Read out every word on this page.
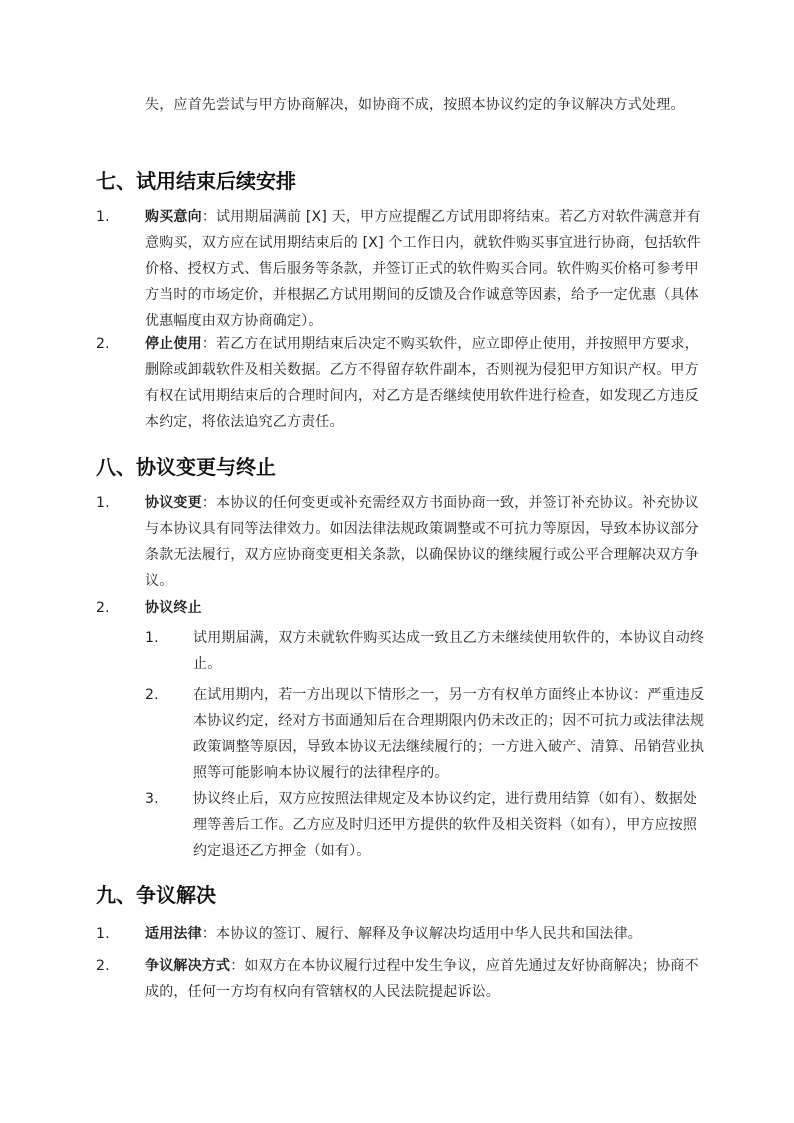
失，应首先尝试与甲方协商解决，如协商不成，按照本协议约定的争议解决方式处理。

七、试用结束后续安排
1.	购买意向：试用期届满前 [X] 天，甲方应提醒乙方试用即将结束。若乙方对软件满意并有意购买，双方应在试用期结束后的 [X] 个工作日内，就软件购买事宜进行协商，包括软件价格、授权方式、售后服务等条款，并签订正式的软件购买合同。软件购买价格可参考甲方当时的市场定价，并根据乙方试用期间的反馈及合作诚意等因素，给予一定优惠（具体优惠幅度由双方协商确定）。
2.	停止使用：若乙方在试用期结束后决定不购买软件，应立即停止使用，并按照甲方要求，删除或卸载软件及相关数据。乙方不得留存软件副本，否则视为侵犯甲方知识产权。甲方有权在试用期结束后的合理时间内，对乙方是否继续使用软件进行检查，如发现乙方违反本约定，将依法追究乙方责任。
八、协议变更与终止
1.	协议变更：本协议的任何变更或补充需经双方书面协商一致，并签订补充协议。补充协议与本协议具有同等法律效力。如因法律法规政策调整或不可抗力等原因，导致本协议部分条款无法履行，双方应协商变更相关条款，以确保协议的继续履行或公平合理解决双方争议。
2.	协议终止
1.	试用期届满，双方未就软件购买达成一致且乙方未继续使用软件的，本协议自动终止。
2.	在试用期内，若一方出现以下情形之一，另一方有权单方面终止本协议：严重违反本协议约定，经对方书面通知后在合理期限内仍未改正的；因不可抗力或法律法规政策调整等原因，导致本协议无法继续履行的；一方进入破产、清算、吊销营业执照等可能影响本协议履行的法律程序的。
3.	协议终止后，双方应按照法律规定及本协议约定，进行费用结算（如有）、数据处理等善后工作。乙方应及时归还甲方提供的软件及相关资料（如有），甲方应按照约定退还乙方押金（如有）。
九、争议解决
1.	适用法律：本协议的签订、履行、解释及争议解决均适用中华人民共和国法律。
2.	争议解决方式：如双方在本协议履行过程中发生争议，应首先通过友好协商解决；协商不成的，任何一方均有权向有管辖权的人民法院提起诉讼。
